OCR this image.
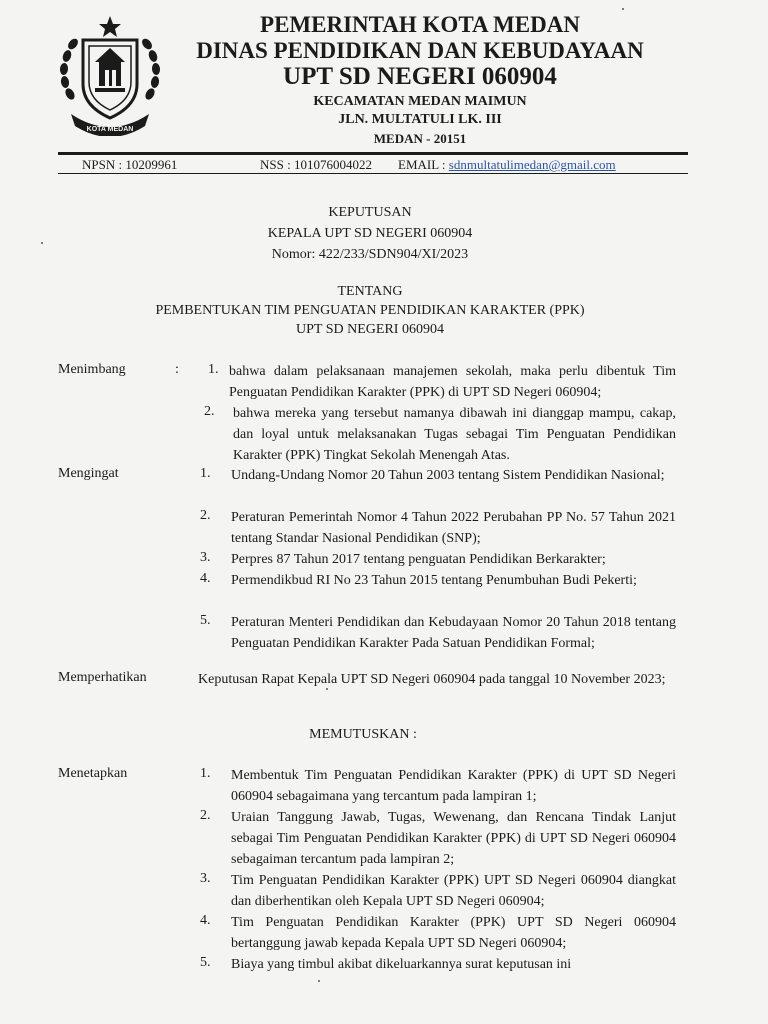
KOTA MEDAN
PEMERINTAH KOTA MEDAN
DINAS PENDIDIKAN DAN KEBUDAYAAN
UPT SD NEGERI 060904
KECAMATAN MEDAN MAIMUN
JLN. MULTATULI LK. III
MEDAN - 20151
NPSN : 10209961	NSS : 101076004022 EMAIL : sdnmultatulimedan@gmail.com
KEPUTUSAN
KEPALA UPT SD NEGERI 060904
Nomor: 422/233/SDN904/XI/2023
TENTANG
PEMBENTUKAN TIM PENGUATAN PENDIDIKAN KARAKTER (PPK)
UPT SD NEGERI 060904
Menimbang	: 1. bahwa dalam pelaksanaan manajemen sekolah, maka perlu dibentuk Tim Penguatan Pendidikan Karakter (PPK) di UPT SD Negeri 060904;
2.	bahwa mereka yang tersebut namanya dibawah ini dianggap mampu, cakap, dan loyal untuk melaksanakan Tugas sebagai Tim Penguatan Pendidikan Karakter (PPK) Tingkat Sekolah Menengah Atas.
Mengingat	1.	Undang-Undang Nomor 20 Tahun 2003 tentang Sistem Pendidikan Nasional;
2.	Peraturan Pemerintah Nomor 4 Tahun 2022 Perubahan PP No. 57 Tahun 2021 tentang Standar Nasional Pendidikan (SNP);
3.	Perpres 87 Tahun 2017 tentang penguatan Pendidikan Berkarakter;
4.	Permendikbud RI No 23 Tahun 2015 tentang Penumbuhan Budi Pekerti;
5.	Peraturan Menteri Pendidikan dan Kebudayaan Nomor 20 Tahun 2018 tentang Penguatan Pendidikan Karakter Pada Satuan Pendidikan Formal;
Memperhatikan	Keputusan Rapat Kepala UPT SD Negeri 060904 pada tanggal 10 November 2023;
MEMUTUSKAN :
Menetapkan	1.	Membentuk Tim Penguatan Pendidikan Karakter (PPK) di UPT SD Negeri 060904 sebagaimana yang tercantum pada lampiran 1;
2.	Uraian Tanggung Jawab, Tugas, Wewenang, dan Rencana Tindak Lanjut sebagai Tim Penguatan Pendidikan Karakter (PPK) di UPT SD Negeri 060904 sebagaiman tercantum pada lampiran 2;
3.	Tim Penguatan Pendidikan Karakter (PPK) UPT SD Negeri 060904 diangkat dan diberhentikan oleh Kepala UPT SD Negeri 060904;
4.	Tim Penguatan Pendidikan Karakter (PPK) UPT SD Negeri 060904 bertanggung jawab kepada Kepala UPT SD Negeri 060904;
5.	Biaya yang timbul akibat dikeluarkannya surat keputusan ini
